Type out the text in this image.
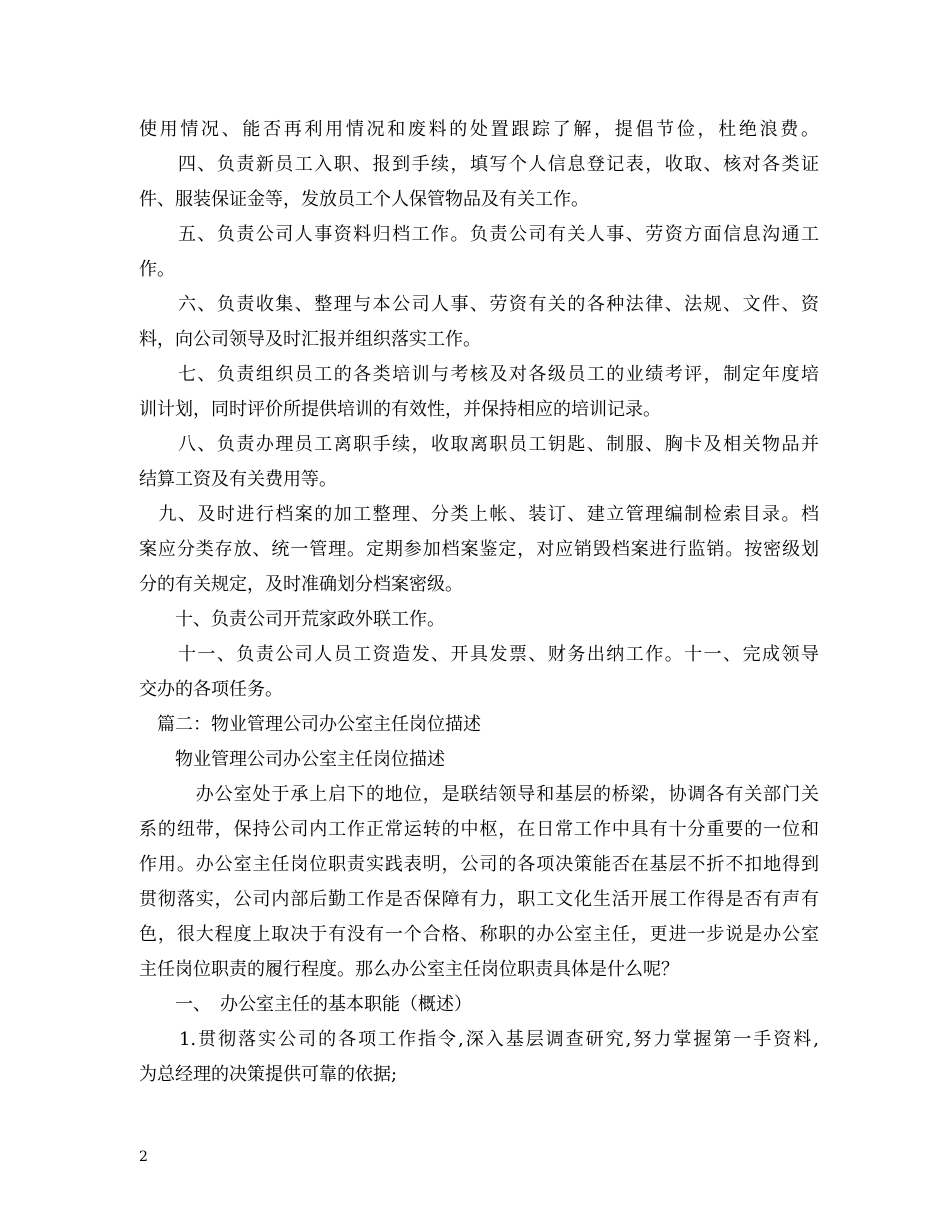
使用情况、能否再利用情况和废料的处置跟踪了解，提倡节俭，杜绝浪费。
　　四、负责新员工入职、报到手续，填写个人信息登记表，收取、核对各类证
件、服装保证金等，发放员工个人保管物品及有关工作。
　　五、负责公司人事资料归档工作。负责公司有关人事、劳资方面信息沟通工
作。
　　六、负责收集、整理与本公司人事、劳资有关的各种法律、法规、文件、资
料，向公司领导及时汇报并组织落实工作。
　　七、负责组织员工的各类培训与考核及对各级员工的业绩考评，制定年度培
训计划，同时评价所提供培训的有效性，并保持相应的培训记录。
　　八、负责办理员工离职手续，收取离职员工钥匙、制服、胸卡及相关物品并
结算工资及有关费用等。
　九、及时进行档案的加工整理、分类上帐、装订、建立管理编制检索目录。档
案应分类存放、统一管理。定期参加档案鉴定，对应销毁档案进行监销。按密级划
分的有关规定，及时准确划分档案密级。
　　十、负责公司开荒家政外联工作。
　　十一、负责公司人员工资造发、开具发票、财务出纳工作。十一、完成领导
交办的各项任务。
　篇二：物业管理公司办公室主任岗位描述
　　物业管理公司办公室主任岗位描述
　　　办公室处于承上启下的地位，是联结领导和基层的桥梁，协调各有关部门关
系的纽带，保持公司内工作正常运转的中枢，在日常工作中具有十分重要的一位和
作用。办公室主任岗位职责实践表明，公司的各项决策能否在基层不折不扣地得到
贯彻落实，公司内部后勤工作是否保障有力，职工文化生活开展工作得是否有声有
色，很大程度上取决于有没有一个合格、称职的办公室主任，更进一步说是办公室
主任岗位职责的履行程度。那么办公室主任岗位职责具体是什么呢？
　　一、　办公室主任的基本职能（概述）
　　1.贯彻落实公司的各项工作指令,深入基层调查研究,努力掌握第一手资料,
为总经理的决策提供可靠的依据;
2
